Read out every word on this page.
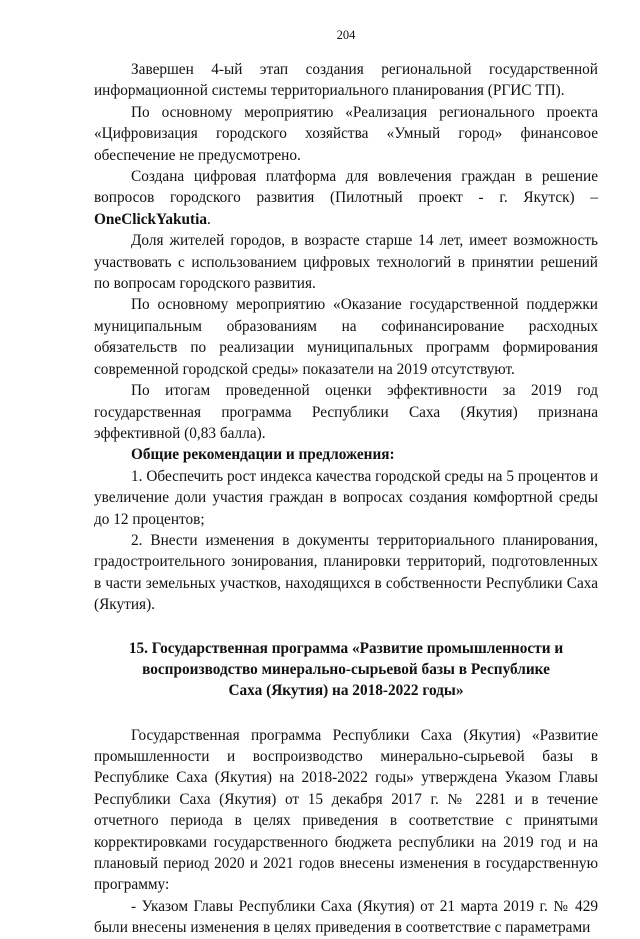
204

Завершен 4-ый этап создания региональной государственной информационной системы территориального планирования (РГИС ТП).

По основному мероприятию «Реализация регионального проекта «Цифровизация городского хозяйства «Умный город» финансовое обеспечение не предусмотрено.

Создана цифровая платформа для вовлечения граждан в решение вопросов городского развития (Пилотный проект - г. Якутск) – OneClickYakutia.

Доля жителей городов, в возрасте старше 14 лет, имеет возможность участвовать с использованием цифровых технологий в принятии решений по вопросам городского развития.

По основному мероприятию «Оказание государственной поддержки муниципальным образованиям на софинансирование расходных обязательств по реализации муниципальных программ формирования современной городской среды» показатели на 2019 отсутствуют.

По итогам проведенной оценки эффективности за 2019 год государственная программа Республики Саха (Якутия) признана эффективной (0,83 балла).

Общие рекомендации и предложения:

1. Обеспечить рост индекса качества городской среды на 5 процентов и увеличение доли участия граждан в вопросах создания комфортной среды до 12 процентов;

2. Внести изменения в документы территориального планирования, градостроительного зонирования, планировки территорий, подготовленных в части земельных участков, находящихся в собственности Республики Саха (Якутия).

15. Государственная программа «Развитие промышленности и
воспроизводство минерально-сырьевой базы в Республике
Саха (Якутия) на 2018-2022 годы»

Государственная программа Республики Саха (Якутия) «Развитие промышленности и воспроизводство минерально-сырьевой базы в Республике Саха (Якутия) на 2018-2022 годы» утверждена Указом Главы Республики Саха (Якутия) от 15 декабря 2017 г. № 2281 и в течение отчетного периода в целях приведения в соответствие с принятыми корректировками государственного бюджета республики на 2019 год и на плановый период 2020 и 2021 годов внесены изменения в государственную программу:

- Указом Главы Республики Саха (Якутия) от 21 марта 2019 г. № 429 были внесены изменения в целях приведения в соответствие с параметрами
